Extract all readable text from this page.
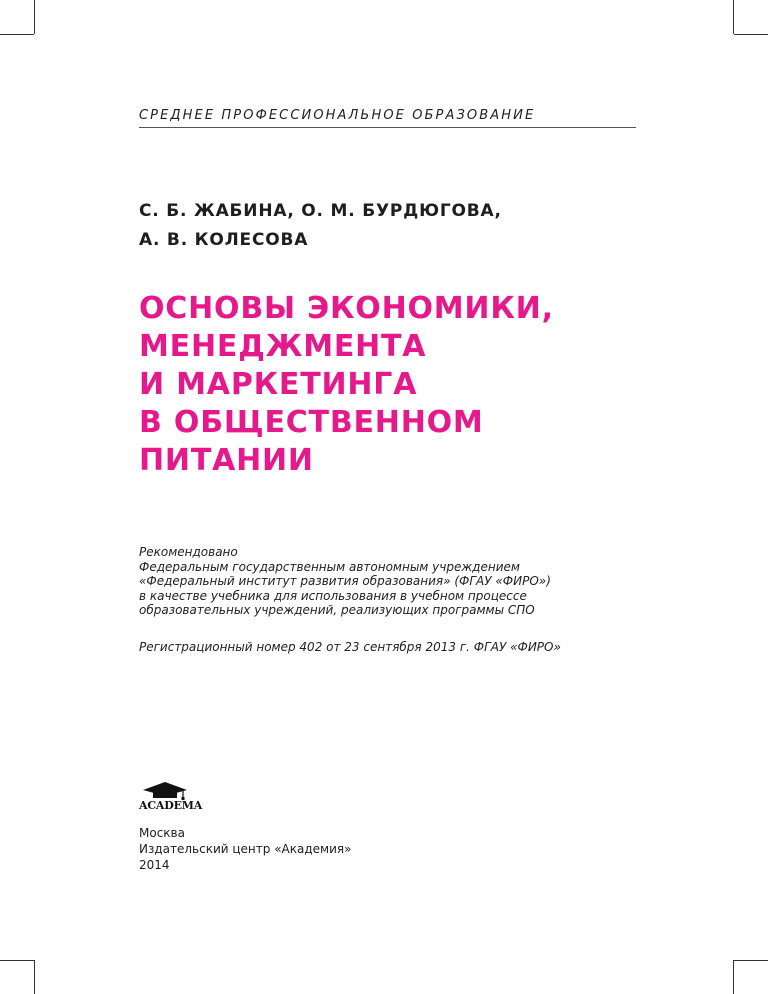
СРЕДНЕЕ ПРОФЕССИОНАЛЬНОЕ ОБРАЗОВАНИЕ
С. Б. ЖАБИНА, О. М. БУРДЮГОВА,
А. В. КОЛЕСОВА
ОСНОВЫ ЭКОНОМИКИ,
МЕНЕДЖМЕНТА
И МАРКЕТИНГА
В ОБЩЕСТВЕННОМ
ПИТАНИИ
Рекомендовано
Федеральным государственным автономным учреждением
«Федеральный институт развития образования» (ФГАУ «ФИРО»)
в качестве учебника для использования в учебном процессе
образовательных учреждений, реализующих программы СПО
Регистрационный номер 402 от 23 сентября 2013 г. ФГАУ «ФИРО»
ACADEMA
Москва
Издательский центр «Академия»
2014
